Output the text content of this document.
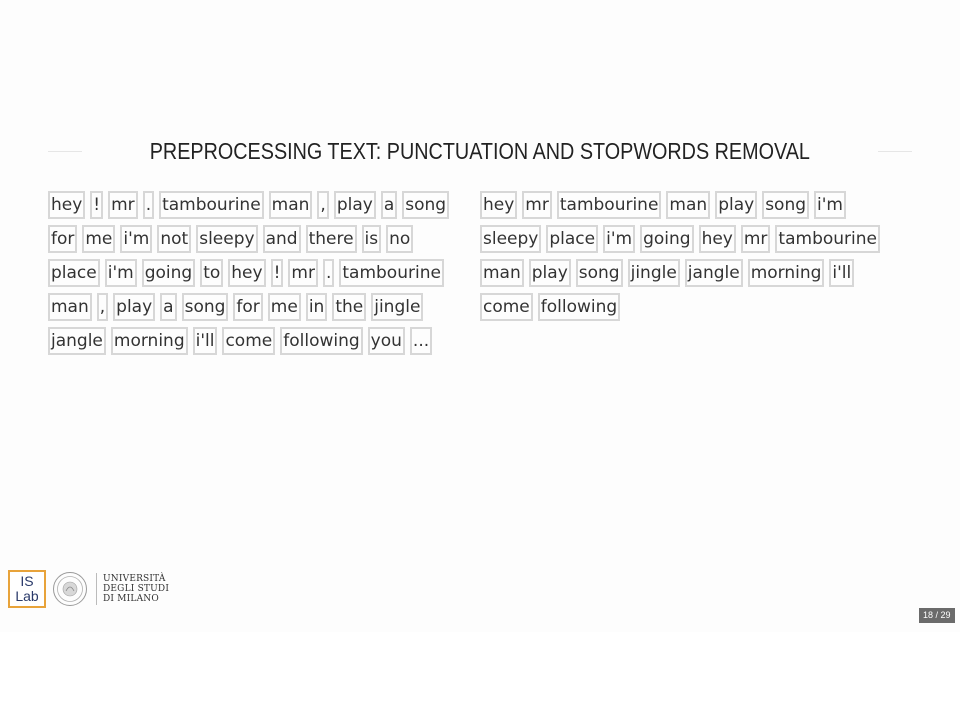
PREPROCESSING TEXT: PUNCTUATION AND STOPWORDS REMOVAL
hey ! mr . tambourine man , play a song
for me i'm not sleepy and there is no
place i'm going to hey ! mr . tambourine
man , play a song for me in the jingle
jangle morning i'll come following you ...
hey mr tambourine man play song i'm
sleepy place i'm going hey mr tambourine
man play song jingle jangle morning i'll
come following
IS
Lab
UNIVERSITÀ
DEGLI STUDI
DI MILANO
18 / 29
